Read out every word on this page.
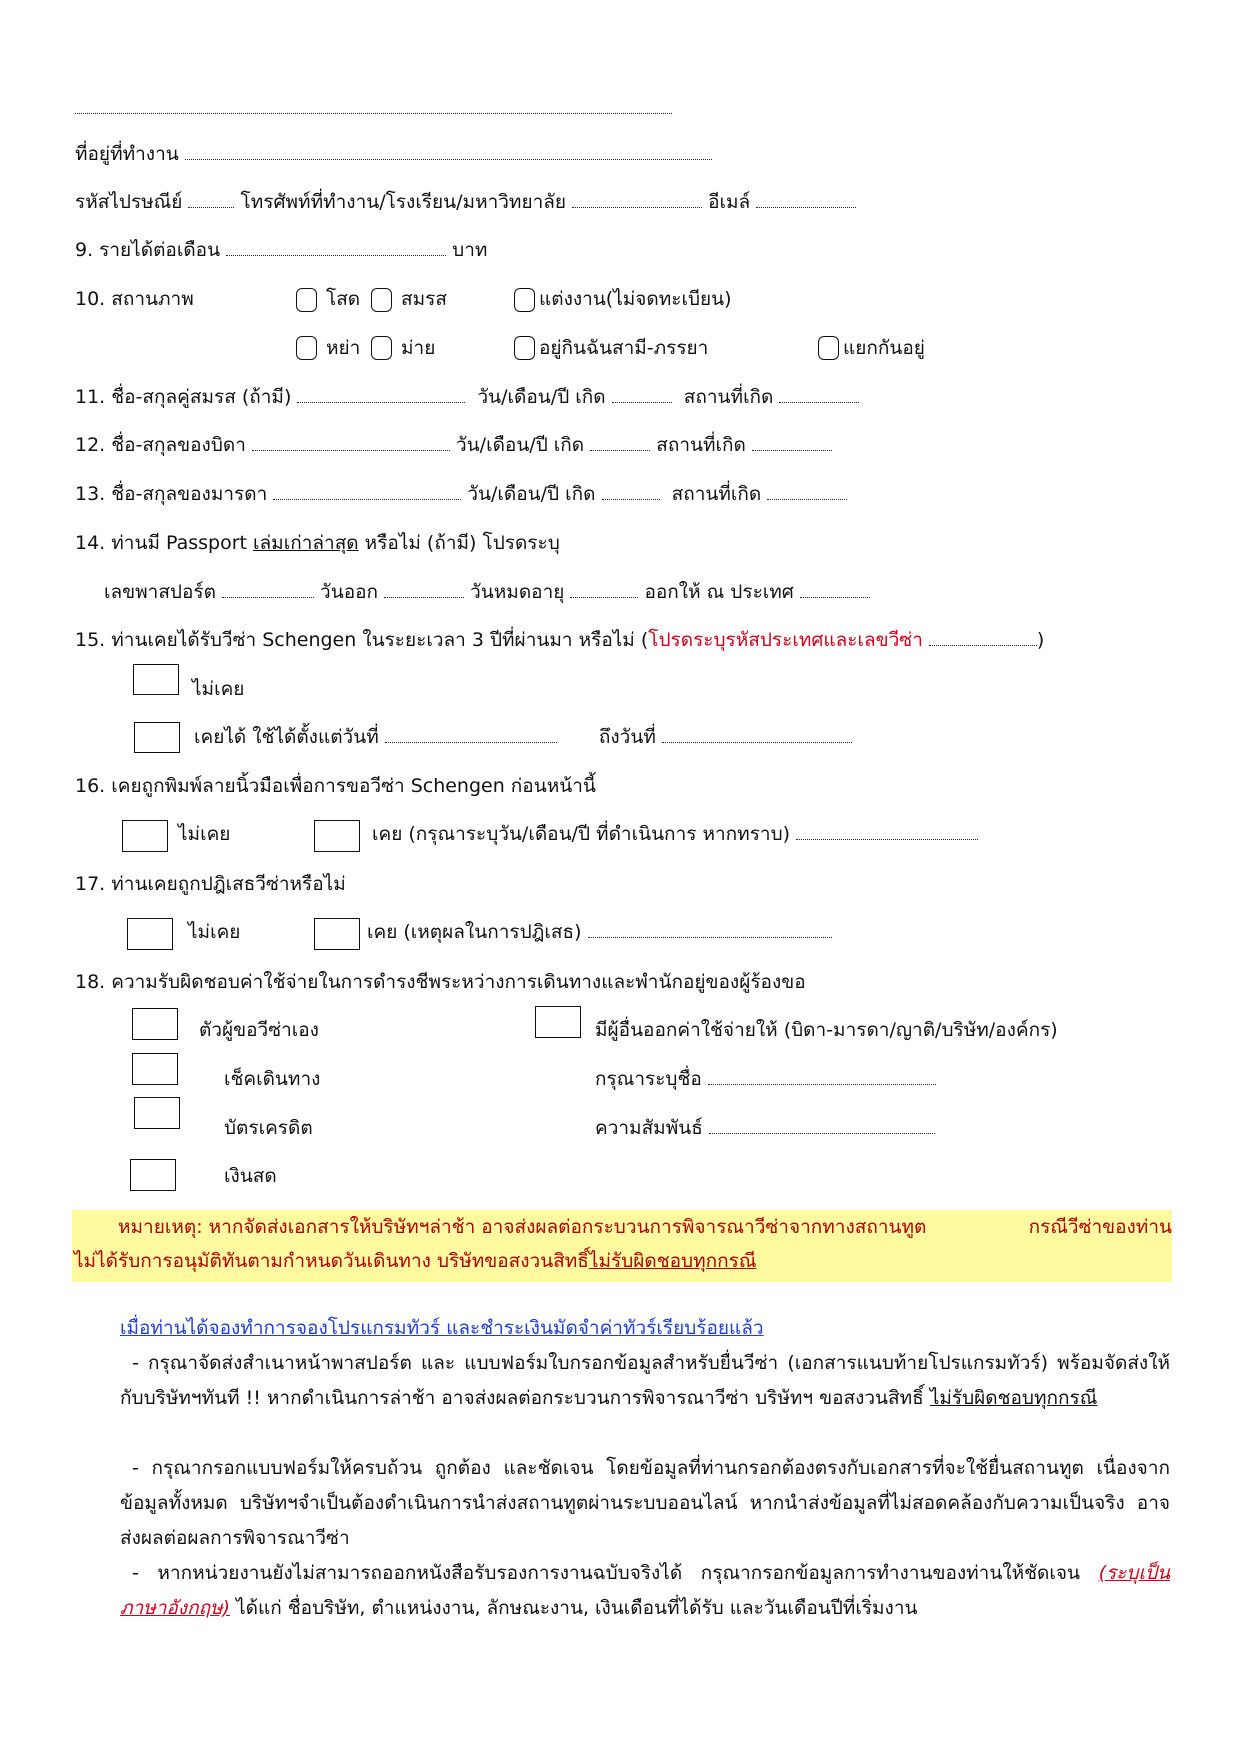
ที่อยู่ที่ทำงาน
รหัสไปรษณีย์	โทรศัพท์ที่ทำงาน/โรงเรียน/มหาวิทยาลัย	อีเมล์
9. รายได้ต่อเดือน	บาท
10. สถานภาพ	โสด สมรส	แต่งงาน(ไม่จดทะเบียน)
หย่า ม่าย	อยู่กินฉันสามี-ภรรยา	แยกกันอยู่
11. ชื่อ-สกุลคู่สมรส (ถ้ามี)	วัน/เดือน/ปี เกิด	สถานที่เกิด
12. ชื่อ-สกุลของบิดา	วัน/เดือน/ปี เกิด	สถานที่เกิด
13. ชื่อ-สกุลของมารดา	วัน/เดือน/ปี เกิด	สถานที่เกิด
14. ท่านมี Passport เล่มเก่าล่าสุด หรือไม่ (ถ้ามี) โปรดระบุ
เลขพาสปอร์ต	วันออก	วันหมดอายุ	ออกให้ ณ ประเทศ
15. ท่านเคยได้รับวีซ่า Schengen ในระยะเวลา 3 ปีที่ผ่านมา หรือไม่ (โปรดระบุรหัสประเทศและเลขวีซ่า	)
ไม่เคย
เคยได้ ใช้ได้ตั้งแต่วันที่	ถึงวันที่
16. เคยถูกพิมพ์ลายนิ้วมือเพื่อการขอวีซ่า Schengen ก่อนหน้านี้
ไม่เคย	เคย (กรุณาระบุวัน/เดือน/ปี ที่ดำเนินการ หากทราบ)
17. ท่านเคยถูกปฎิเสธวีซ่าหรือไม่
ไม่เคย	เคย (เหตุผลในการปฎิเสธ)
18. ความรับผิดชอบค่าใช้จ่ายในการดำรงชีพระหว่างการเดินทางและพำนักอยู่ของผู้ร้องขอ
ตัวผู้ขอวีซ่าเอง	มีผู้อื่นออกค่าใช้จ่ายให้ (บิดา-มารดา/ญาติ/บริษัท/องค์กร)
เช็คเดินทาง	กรุณาระบุชื่อ
บัตรเครดิต	ความสัมพันธ์
เงินสด
หมายเหตุ: หากจัดส่งเอกสารให้บริษัทฯล่าช้า อาจส่งผลต่อกระบวนการพิจารณาวีซ่าจากทางสถานทูต	กรณีวีซ่าของท่าน
ไม่ได้รับการอนุมัติทันตามกำหนดวันเดินทาง บริษัทขอสงวนสิทธิ์ไม่รับผิดชอบทุกกรณี
เมื่อท่านได้จองทำการจองโปรแกรมทัวร์ และชำระเงินมัดจำค่าทัวร์เรียบร้อยแล้ว
- กรุณาจัดส่งสำเนาหน้าพาสปอร์ต และ แบบฟอร์มใบกรอกข้อมูลสำหรับยื่นวีซ่า (เอกสารแนบท้ายโปรแกรมทัวร์) พร้อมจัดส่งให้กับบริษัทฯทันที !! หากดำเนินการล่าช้า อาจส่งผลต่อกระบวนการพิจารณาวีซ่า บริษัทฯ ขอสงวนสิทธิ์ ไม่รับผิดชอบทุกกรณี
- กรุณากรอกแบบฟอร์มให้ครบถ้วน ถูกต้อง และชัดเจน โดยข้อมูลที่ท่านกรอกต้องตรงกับเอกสารที่จะใช้ยื่นสถานทูต เนื่องจากข้อมูลทั้งหมด บริษัทฯจำเป็นต้องดำเนินการนำส่งสถานทูตผ่านระบบออนไลน์ หากนำส่งข้อมูลที่ไม่สอดคล้องกับความเป็นจริง อาจส่งผลต่อผลการพิจารณาวีซ่า
- หากหน่วยงานยังไม่สามารถออกหนังสือรับรองการงานฉบับจริงได้ กรุณากรอกข้อมูลการทำงานของท่านให้ชัดเจน (ระบุเป็นภาษาอังกฤษ) ได้แก่ ชื่อบริษัท, ตำแหน่งงาน, ลักษณะงาน, เงินเดือนที่ได้รับ และวันเดือนปีที่เริ่มงาน
